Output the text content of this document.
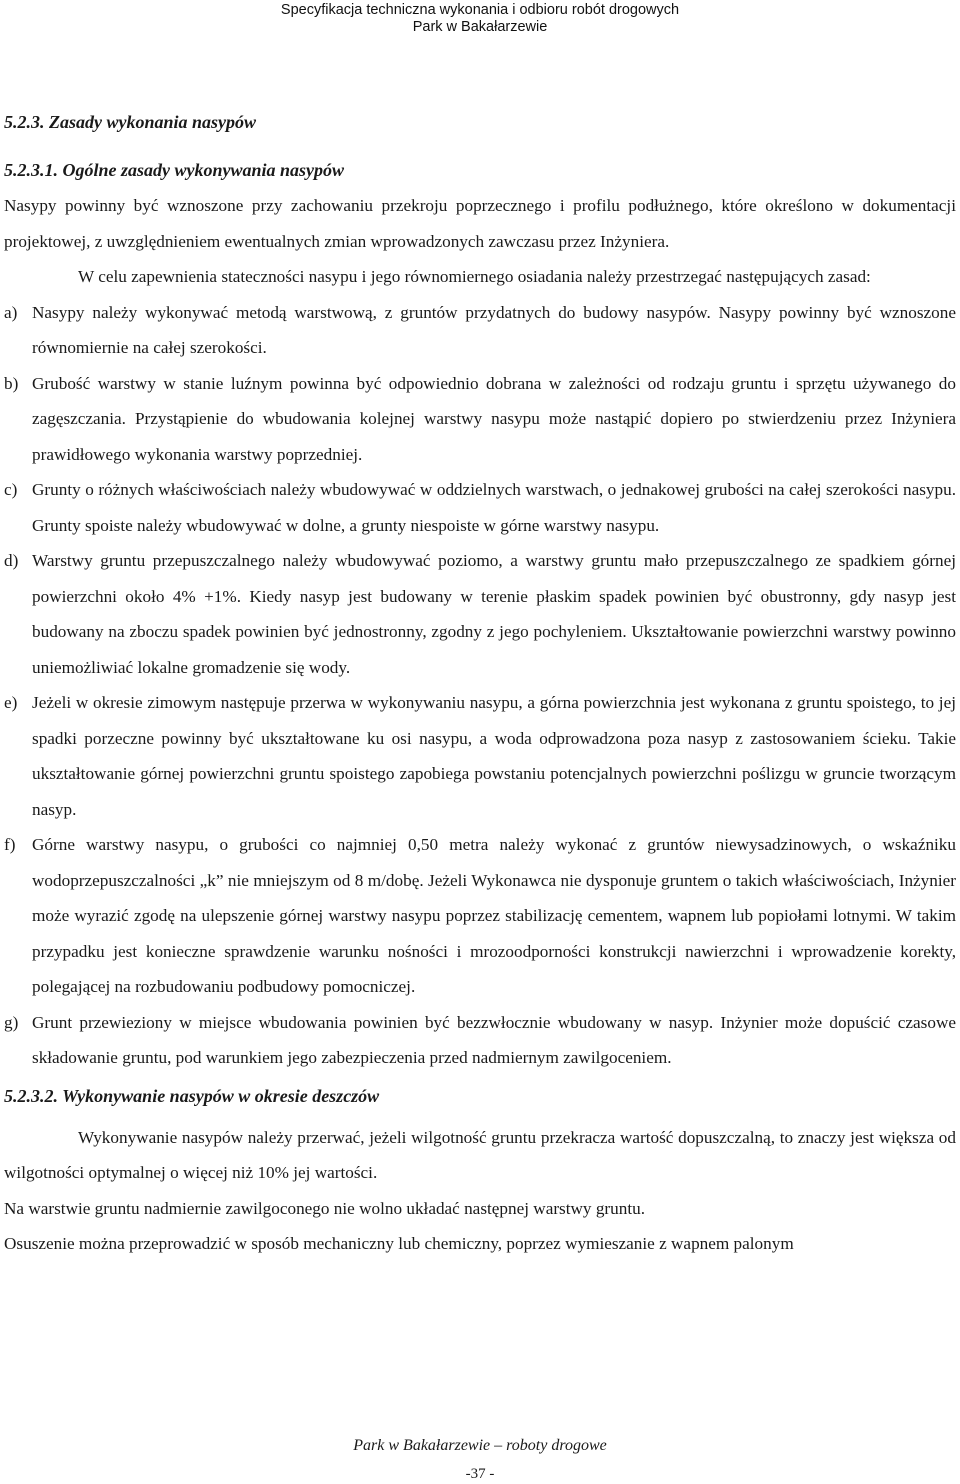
Specyfikacja techniczna wykonania i odbioru robót drogowych
Park w Bakałarzewie
5.2.3. Zasady wykonania nasypów
5.2.3.1. Ogólne zasady wykonywania nasypów

Nasypy powinny być wznoszone przy zachowaniu przekroju poprzecznego i profilu podłużnego, które określono w dokumentacji projektowej, z uwzględnieniem ewentualnych zmian wprowadzonych zawczasu przez Inżyniera.

W celu zapewnienia stateczności nasypu i jego równomiernego osiadania należy przestrzegać następujących zasad:

a) Nasypy należy wykonywać metodą warstwową, z gruntów przydatnych do budowy nasypów. Nasypy powinny być wznoszone równomiernie na całej szerokości.
b) Grubość warstwy w stanie luźnym powinna być odpowiednio dobrana w zależności od rodzaju gruntu i sprzętu używanego do zagęszczania. Przystąpienie do wbudowania kolejnej warstwy nasypu może nastąpić dopiero po stwierdzeniu przez Inżyniera prawidłowego wykonania warstwy poprzedniej.
c) Grunty o różnych właściwościach należy wbudowywać w oddzielnych warstwach, o jednakowej grubości na całej szerokości nasypu. Grunty spoiste należy wbudowywać w dolne, a grunty niespoiste w górne warstwy nasypu.
d) Warstwy gruntu przepuszczalnego należy wbudowywać poziomo, a warstwy gruntu mało przepuszczalnego ze spadkiem górnej powierzchni około 4% +1%. Kiedy nasyp jest budowany w terenie płaskim spadek powinien być obustronny, gdy nasyp jest budowany na zboczu spadek powinien być jednostronny, zgodny z jego pochyleniem. Ukształtowanie powierzchni warstwy powinno uniemożliwiać lokalne gromadzenie się wody.
e) Jeżeli w okresie zimowym następuje przerwa w wykonywaniu nasypu, a górna powierzchnia jest wykonana z gruntu spoistego, to jej spadki porzeczne powinny być ukształtowane ku osi nasypu, a woda odprowadzona poza nasyp z zastosowaniem ścieku. Takie ukształtowanie górnej powierzchni gruntu spoistego zapobiega powstaniu potencjalnych powierzchni poślizgu w gruncie tworzącym nasyp.
f) Górne warstwy nasypu, o grubości co najmniej 0,50 metra należy wykonać z gruntów niewysadzinowych, o wskaźniku wodoprzepuszczalności „k” nie mniejszym od 8 m/dobę. Jeżeli Wykonawca nie dysponuje gruntem o takich właściwościach, Inżynier może wyrazić zgodę na ulepszenie górnej warstwy nasypu poprzez stabilizację cementem, wapnem lub popiołami lotnymi. W takim przypadku jest konieczne sprawdzenie warunku nośności i mrozoodporności konstrukcji nawierzchni i wprowadzenie korekty, polegającej na rozbudowaniu podbudowy pomocniczej.
g) Grunt przewieziony w miejsce wbudowania powinien być bezzwłocznie wbudowany w nasyp. Inżynier może dopuścić czasowe składowanie gruntu, pod warunkiem jego zabezpieczenia przed nadmiernym zawilgoceniem.
5.2.3.2. Wykonywanie nasypów w okresie deszczów

Wykonywanie nasypów należy przerwać, jeżeli wilgotność gruntu przekracza wartość dopuszczalną, to znaczy jest większa od wilgotności optymalnej o więcej niż 10% jej wartości.

Na warstwie gruntu nadmiernie zawilgoconego nie wolno układać następnej warstwy gruntu.

Osuszenie można przeprowadzić w sposób mechaniczny lub chemiczny, poprzez wymieszanie z wapnem palonym

Park w Bakałarzewie – roboty drogowe
-37 -
